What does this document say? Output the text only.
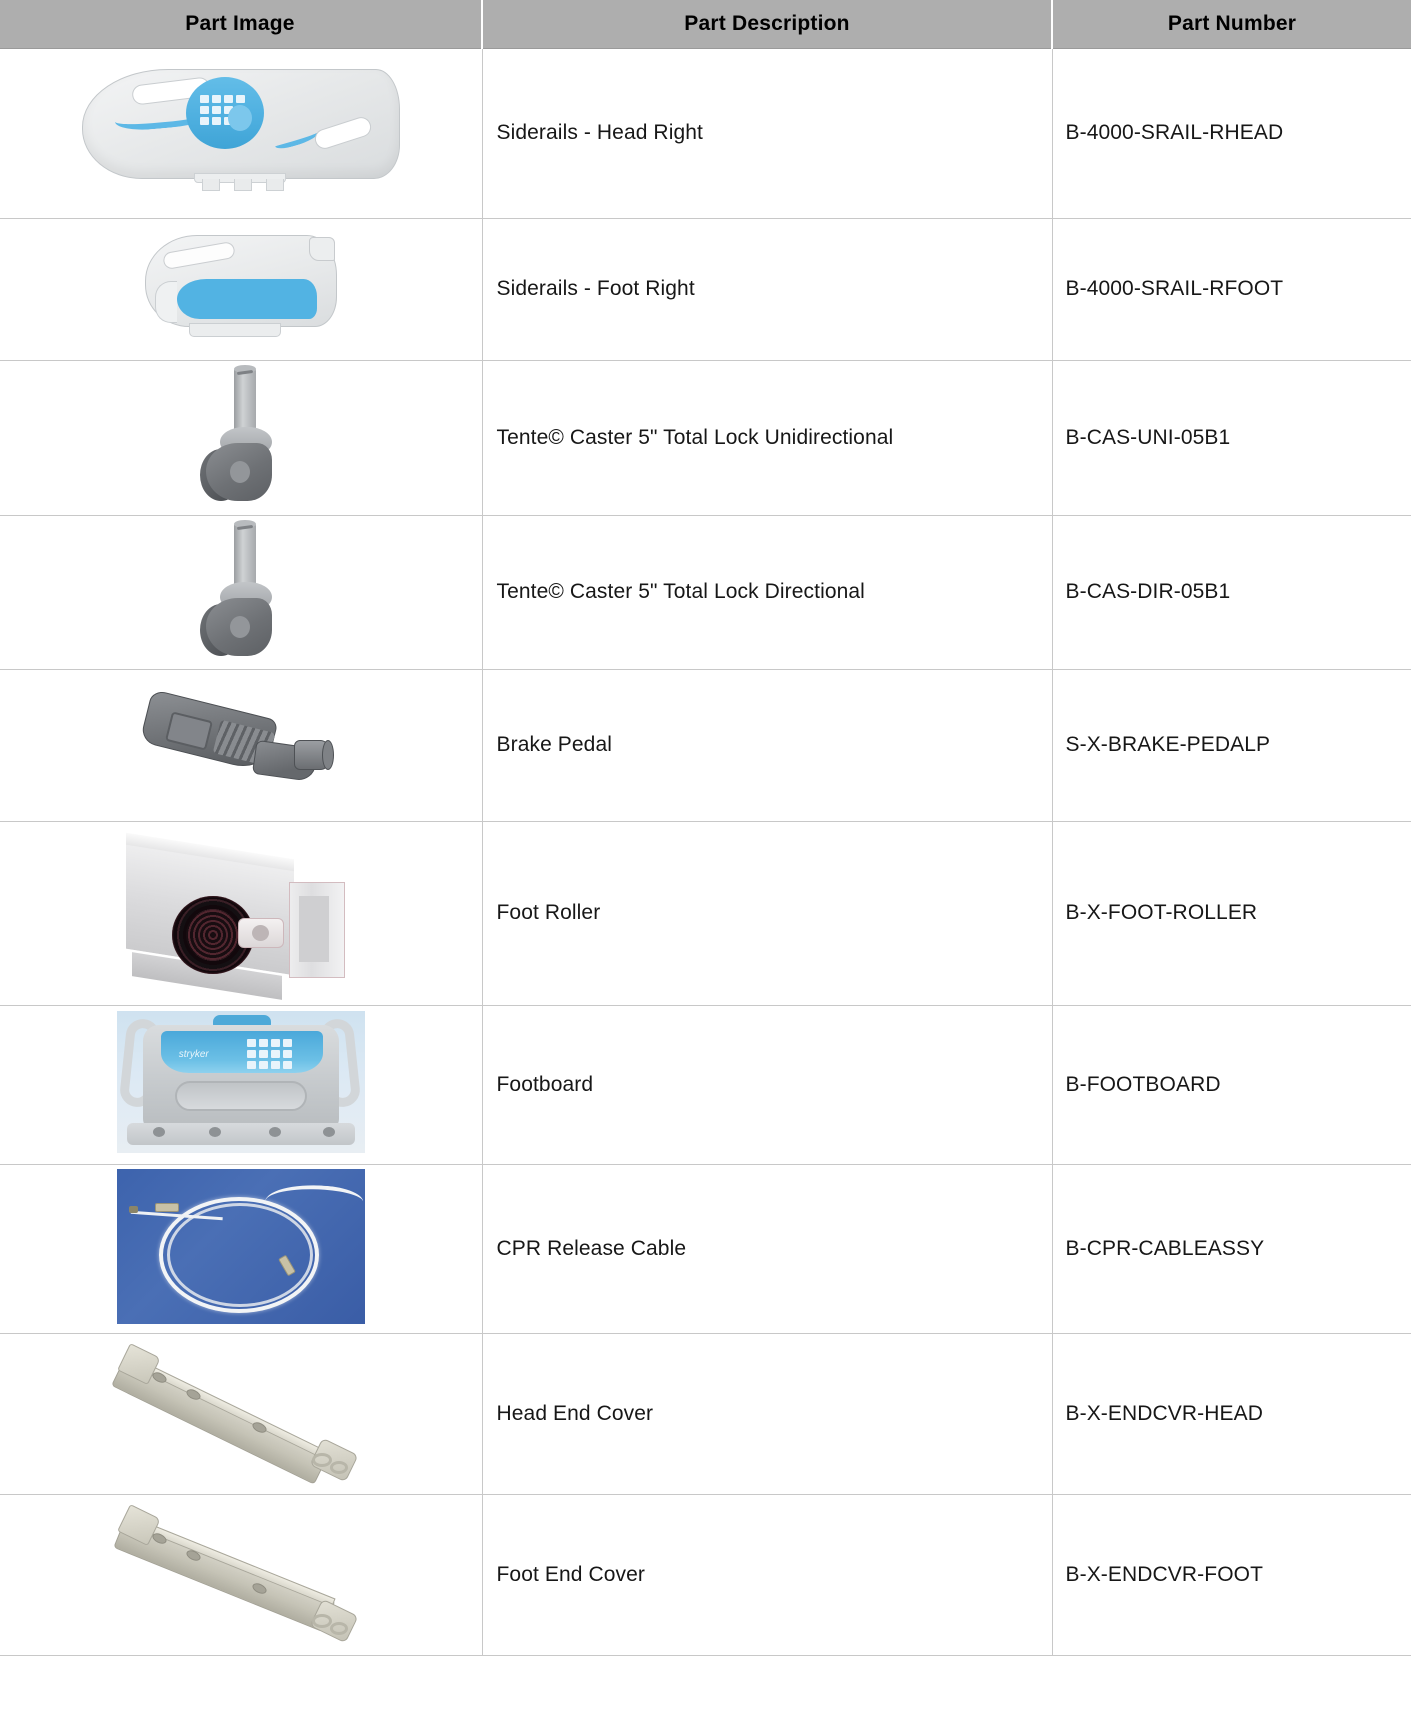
Part Image	Part Description	Part Number

	Siderails - Head Right	B-4000-SRAIL-RHEAD

	Siderails - Foot Right	B-4000-SRAIL-RFOOT

	Tente© Caster 5" Total Lock Unidirectional	B-CAS-UNI-05B1

	Tente© Caster 5" Total Lock Directional	B-CAS-DIR-05B1

	Brake Pedal	S-X-BRAKE-PEDALP

	Foot Roller	B-X-FOOT-ROLLER

stryker	Footboard	B-FOOTBOARD

	CPR Release Cable	B-CPR-CABLEASSY

	Head End Cover	B-X-ENDCVR-HEAD

	Foot End Cover	B-X-ENDCVR-FOOT
